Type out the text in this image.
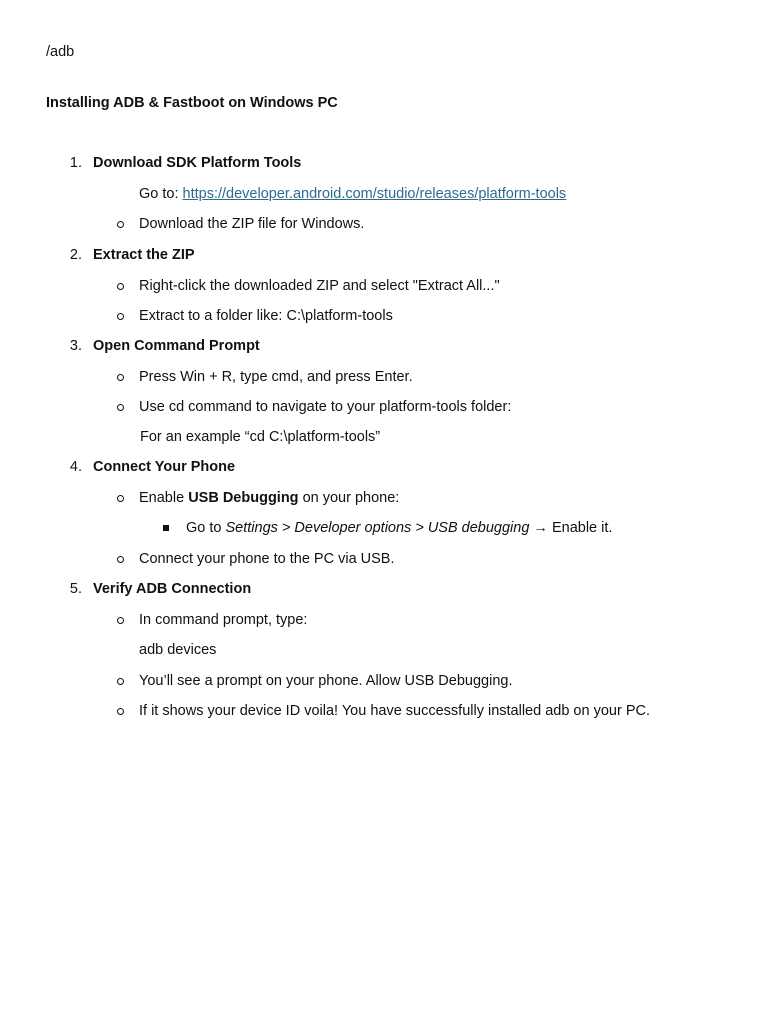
/adb
Installing ADB & Fastboot on Windows PC
1. Download SDK Platform Tools
Go to: https://developer.android.com/studio/releases/platform-tools
Download the ZIP file for Windows.
2. Extract the ZIP
Right-click the downloaded ZIP and select "Extract All..."
Extract to a folder like: C:\platform-tools
3. Open Command Prompt
Press Win + R, type cmd, and press Enter.
Use cd command to navigate to your platform-tools folder:
For an example “cd C:\platform-tools”
4. Connect Your Phone
Enable USB Debugging on your phone:
Go to Settings > Developer options > USB debugging → Enable it.
Connect your phone to the PC via USB.
5. Verify ADB Connection
In command prompt, type:
adb devices
You’ll see a prompt on your phone. Allow USB Debugging.
If it shows your device ID voila! You have successfully installed adb on your PC.
